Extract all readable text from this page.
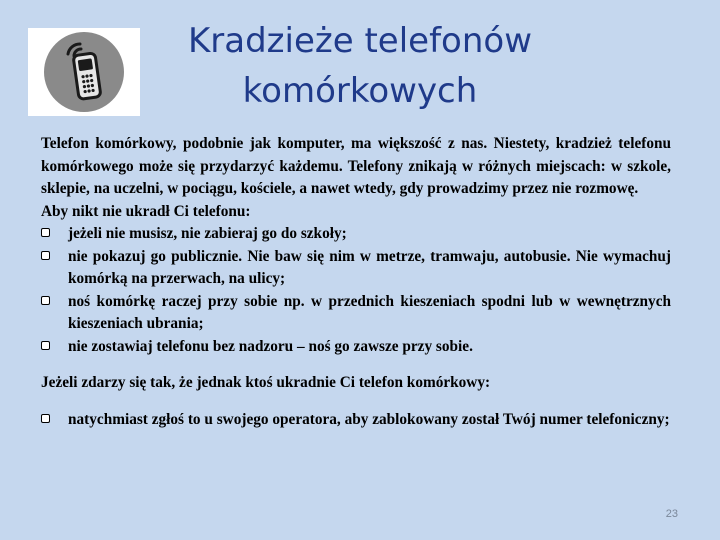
Kradzieże telefonów
komórkowych
Telefon komórkowy, podobnie jak komputer, ma większość z nas. Niestety, kradzież telefonu komórkowego może się przydarzyć każdemu. Telefony znikają w różnych miejscach: w szkole, sklepie, na uczelni, w pociągu, kościele, a nawet wtedy, gdy prowadzimy przez nie rozmowę.
Aby nikt nie ukradł Ci telefonu:
jeżeli nie musisz, nie zabieraj go do szkoły;
nie pokazuj go publicznie. Nie baw się nim w metrze, tramwaju, autobusie. Nie wymachuj komórką na przerwach, na ulicy;
noś komórkę raczej przy sobie np. w przednich kieszeniach spodni lub w wewnętrznych kieszeniach ubrania;
nie zostawiaj telefonu bez nadzoru – noś go zawsze przy sobie.
Jeżeli zdarzy się tak, że jednak ktoś ukradnie Ci telefon komórkowy:
natychmiast zgłoś to u swojego operatora, aby zablokowany został Twój numer telefoniczny;
23
